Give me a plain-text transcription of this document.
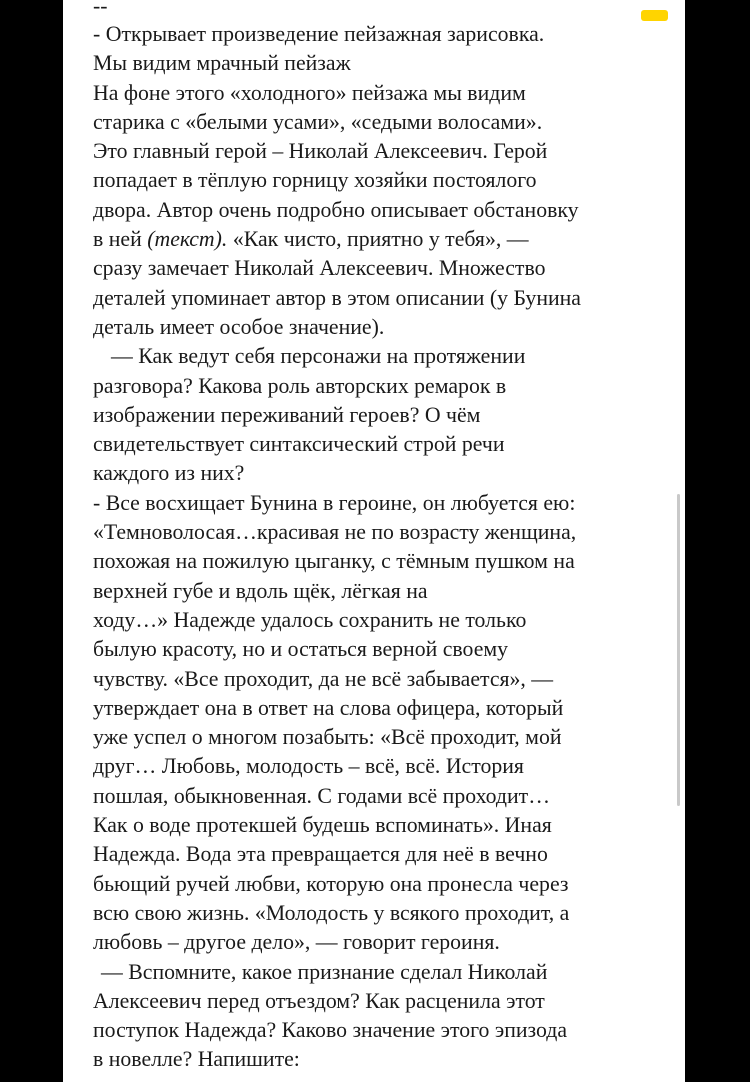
--
- Открывает произведение пейзажная зарисовка.
Мы видим мрачный пейзаж
На фоне этого «холодного» пейзажа мы видим
старика с «белыми усами», «седыми волосами».
Это главный герой – Николай Алексеевич. Герой
попадает в тёплую горницу хозяйки постоялого
двора. Автор очень подробно описывает обстановку
в ней (текст). «Как чисто, приятно у тебя», —
сразу замечает Николай Алексеевич. Множество
деталей упоминает автор в этом описании (у Бунина
деталь имеет особое значение).
— Как ведут себя персонажи на протяжении
разговора? Какова роль авторских ремарок в
изображении переживаний героев? О чём
свидетельствует синтаксический строй речи
каждого из них?
- Все восхищает Бунина в героине, он любуется ею:
«Темноволосая…красивая не по возрасту женщина,
похожая на пожилую цыганку, с тёмным пушком на
верхней губе и вдоль щёк, лёгкая на
ходу…» Надежде удалось сохранить не только
былую красоту, но и остаться верной своему
чувству. «Все проходит, да не всё забывается», —
утверждает она в ответ на слова офицера, который
уже успел о многом позабыть: «Всё проходит, мой
друг… Любовь, молодость – всё, всё. История
пошлая, обыкновенная. С годами всё проходит…
Как о воде протекшей будешь вспоминать». Иная
Надежда. Вода эта превращается для неё в вечно
бьющий ручей любви, которую она пронесла через
всю свою жизнь. «Молодость у всякого проходит, а
любовь – другое дело», — говорит героиня.
— Вспомните, какое признание сделал Николай
Алексеевич перед отъездом? Как расценила этот
поступок Надежда? Каково значение этого эпизода
в новелле? Напишите:
